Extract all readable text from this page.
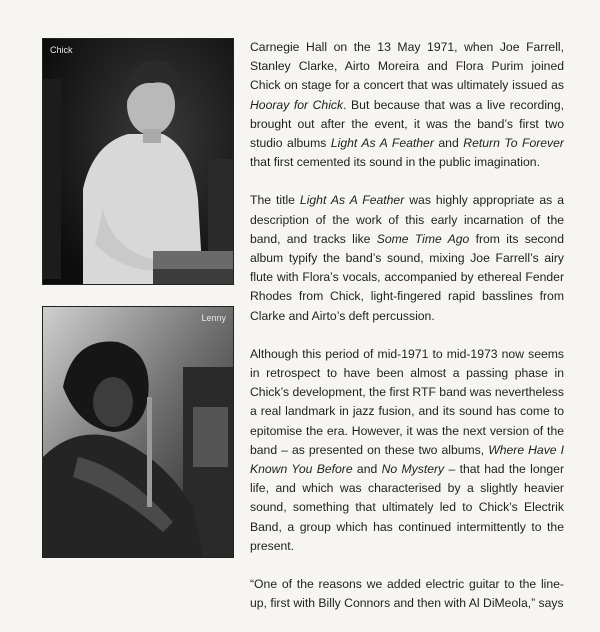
Chick
Lenny

Carnegie Hall on the 13 May 1971, when Joe Farrell, Stanley Clarke, Airto Moreira and Flora Purim joined Chick on stage for a concert that was ultimately issued as Hooray for Chick. But because that was a live recording, brought out after the event, it was the band’s first two studio albums Light As A Feather and Return To Forever that first cemented its sound in the public imagination.

The title Light As A Feather was highly appropriate as a description of the work of this early incarnation of the band, and tracks like Some Time Ago from its second album typify the band’s sound, mixing Joe Farrell’s airy flute with Flora’s vocals, accompanied by ethereal Fender Rhodes from Chick, light-fingered rapid basslines from Clarke and Airto’s deft percussion.

Although this period of mid-1971 to mid-1973 now seems in retrospect to have been almost a passing phase in Chick’s development, the first RTF band was nevertheless a real landmark in jazz fusion, and its sound has come to epitomise the era. However, it was the next version of the band – as presented on these two albums, Where Have I Known You Before and No Mystery – that had the longer life, and which was characterised by a slightly heavier sound, something that ultimately led to Chick’s Electrik Band, a group which has continued intermittently to the present.

“One of the reasons we added electric guitar to the line-up, first with Billy Connors and then with Al DiMeola,” says
